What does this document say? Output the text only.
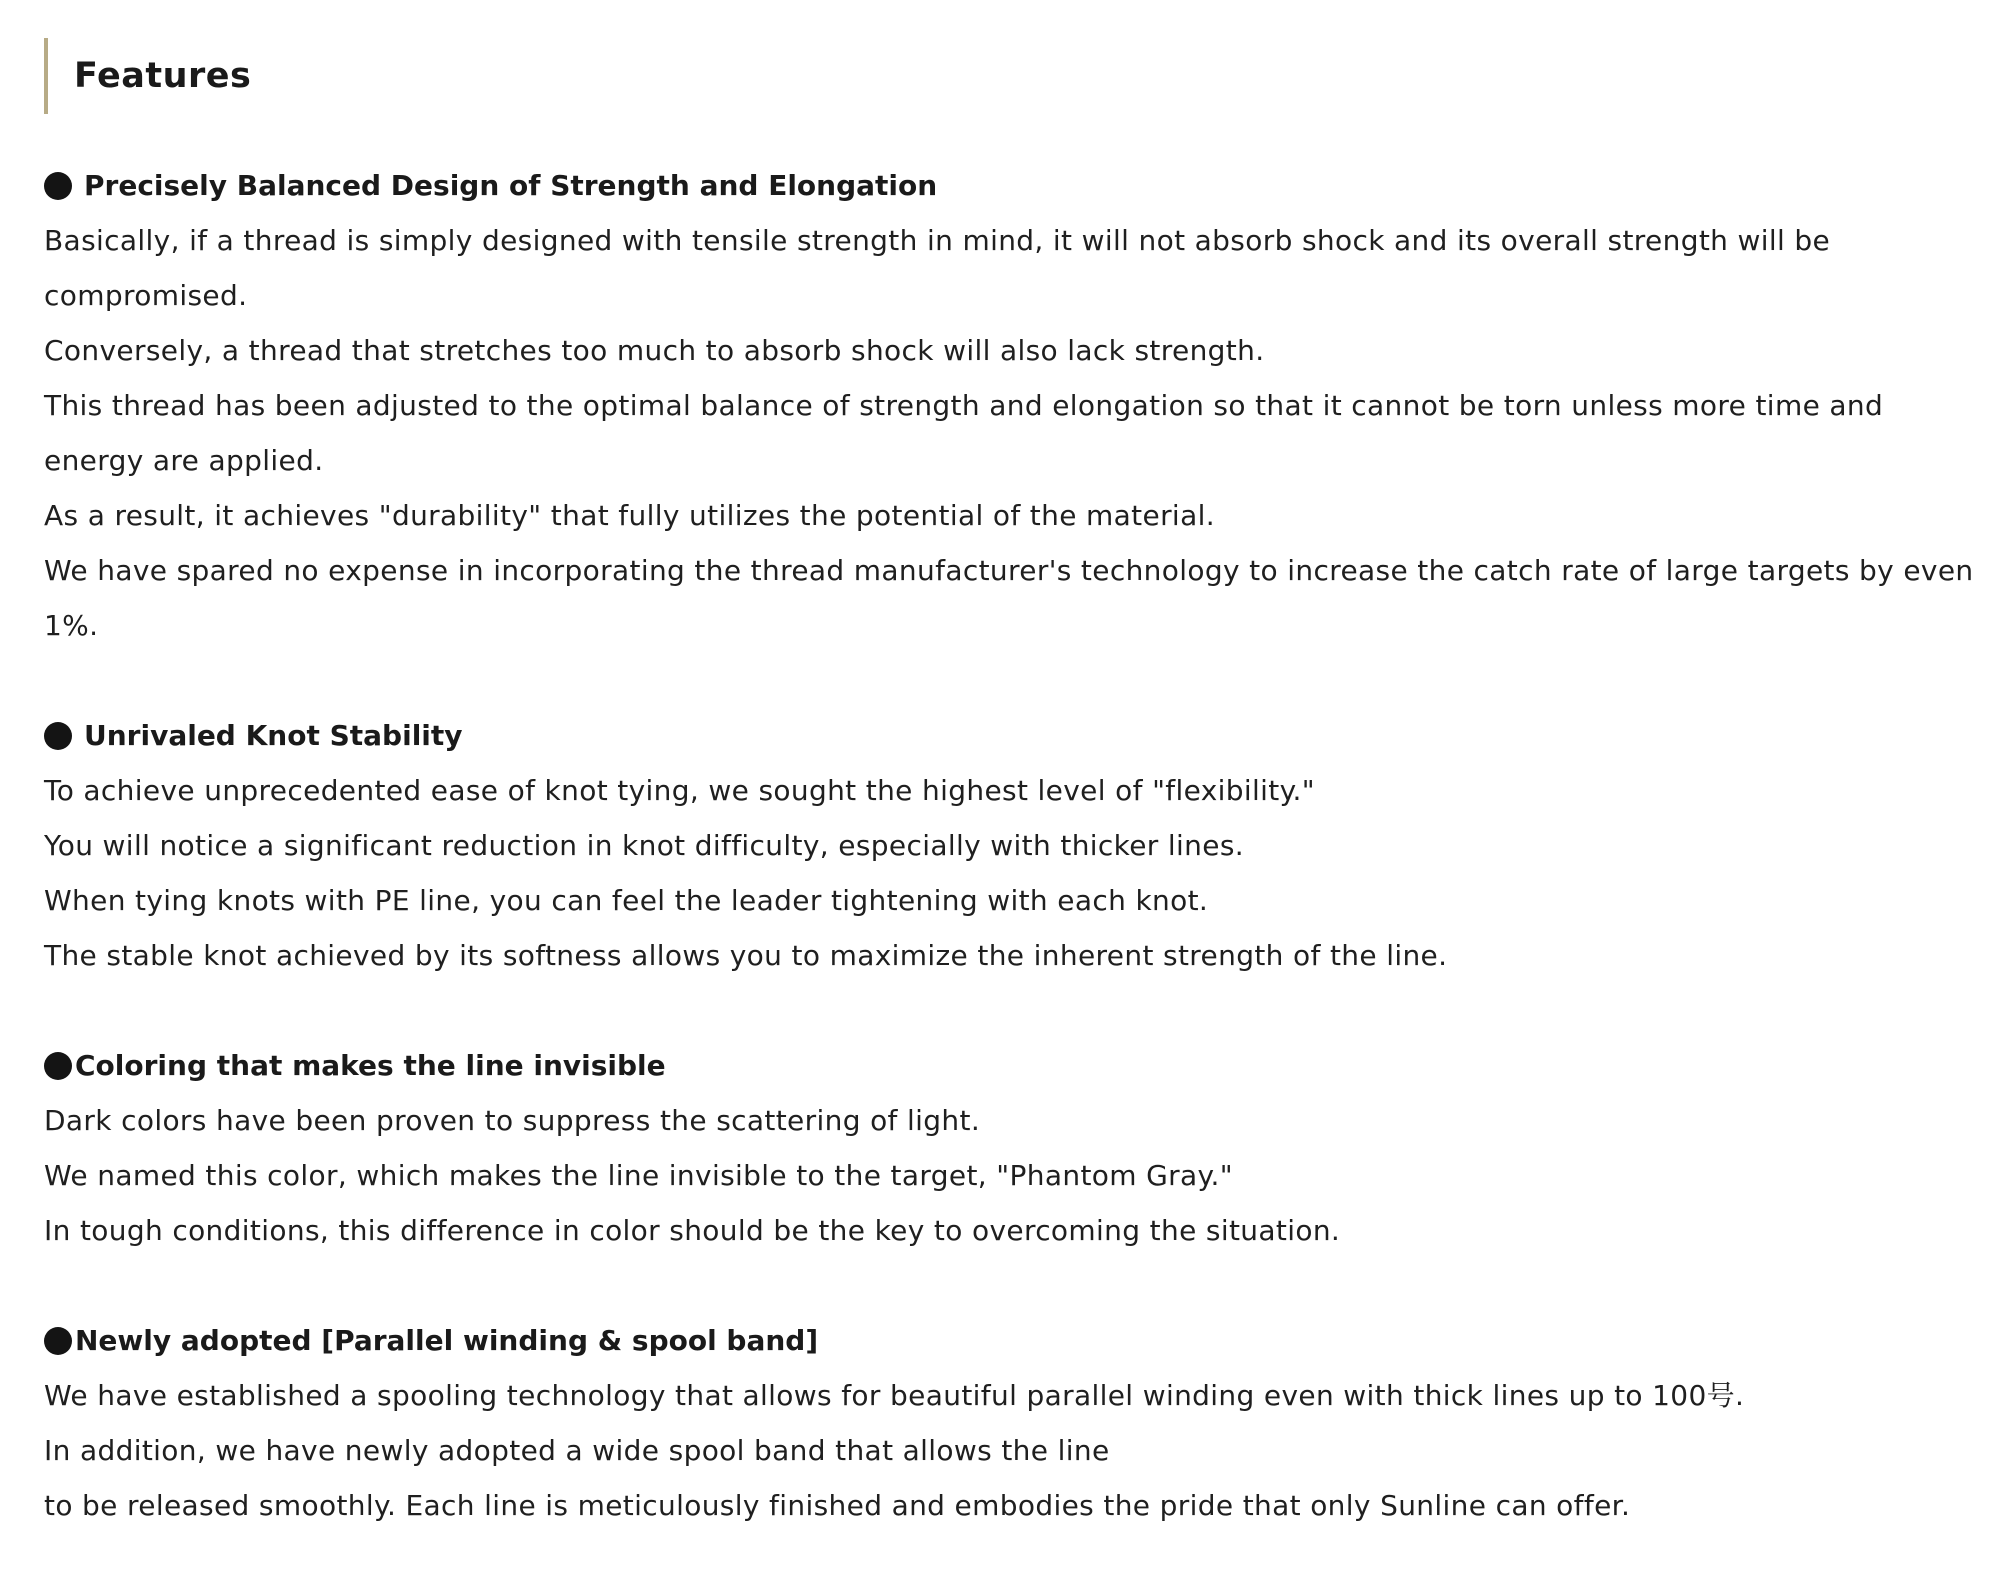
Features

Precisely Balanced Design of Strength and Elongation

Basically, if a thread is simply designed with tensile strength in mind, it will not absorb shock and its overall strength will be compromised.

Conversely, a thread that stretches too much to absorb shock will also lack strength.

This thread has been adjusted to the optimal balance of strength and elongation so that it cannot be torn unless more time and energy are applied.

As a result, it achieves "durability" that fully utilizes the potential of the material.

We have spared no expense in incorporating the thread manufacturer's technology to increase the catch rate of large targets by even 1%.

Unrivaled Knot Stability

To achieve unprecedented ease of knot tying, we sought the highest level of "flexibility."

You will notice a significant reduction in knot difficulty, especially with thicker lines.

When tying knots with PE line, you can feel the leader tightening with each knot.

The stable knot achieved by its softness allows you to maximize the inherent strength of the line.

Coloring that makes the line invisible

Dark colors have been proven to suppress the scattering of light.

We named this color, which makes the line invisible to the target, "Phantom Gray."

In tough conditions, this difference in color should be the key to overcoming the situation.

Newly adopted [Parallel winding & spool band]

We have established a spooling technology that allows for beautiful parallel winding even with thick lines up to 100号.

In addition, we have newly adopted a wide spool band that allows the line

to be released smoothly. Each line is meticulously finished and embodies the pride that only Sunline can offer.
